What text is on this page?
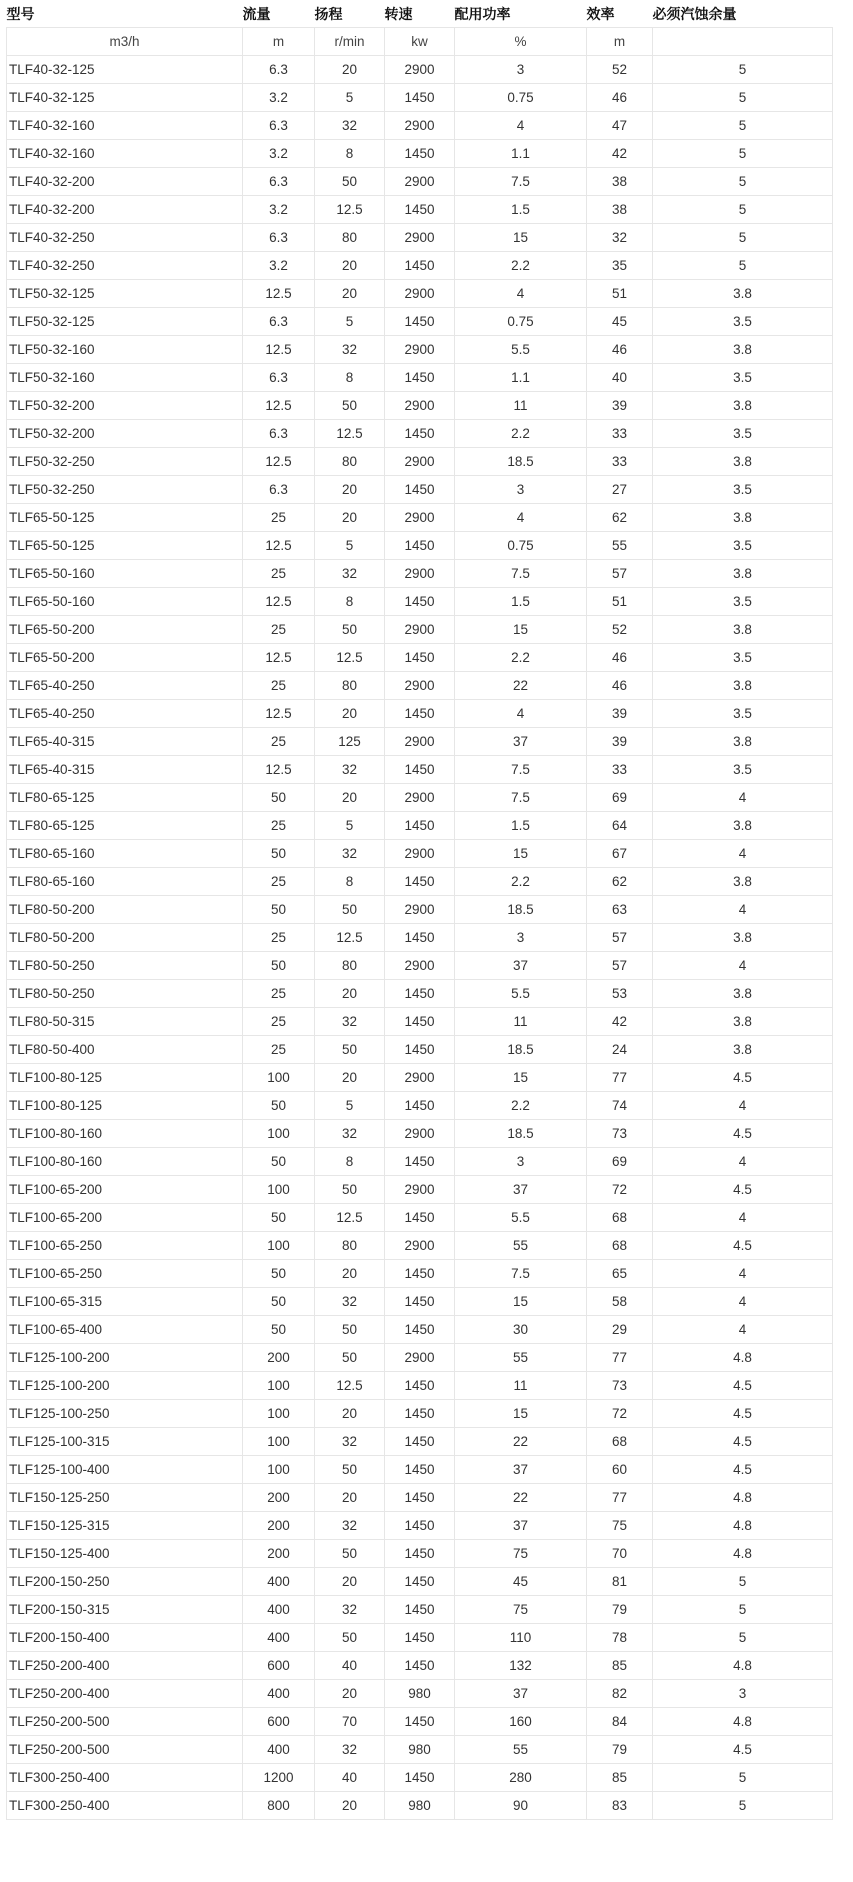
型号	流量	扬程	转速	配用功率	效率	必须汽蚀余量
m3/h	m	r/min	kw	%	m	
TLF40-32-125	6.3	20	2900	3	52	5
TLF40-32-125	3.2	5	1450	0.75	46	5
TLF40-32-160	6.3	32	2900	4	47	5
TLF40-32-160	3.2	8	1450	1.1	42	5
TLF40-32-200	6.3	50	2900	7.5	38	5
TLF40-32-200	3.2	12.5	1450	1.5	38	5
TLF40-32-250	6.3	80	2900	15	32	5
TLF40-32-250	3.2	20	1450	2.2	35	5
TLF50-32-125	12.5	20	2900	4	51	3.8
TLF50-32-125	6.3	5	1450	0.75	45	3.5
TLF50-32-160	12.5	32	2900	5.5	46	3.8
TLF50-32-160	6.3	8	1450	1.1	40	3.5
TLF50-32-200	12.5	50	2900	11	39	3.8
TLF50-32-200	6.3	12.5	1450	2.2	33	3.5
TLF50-32-250	12.5	80	2900	18.5	33	3.8
TLF50-32-250	6.3	20	1450	3	27	3.5
TLF65-50-125	25	20	2900	4	62	3.8
TLF65-50-125	12.5	5	1450	0.75	55	3.5
TLF65-50-160	25	32	2900	7.5	57	3.8
TLF65-50-160	12.5	8	1450	1.5	51	3.5
TLF65-50-200	25	50	2900	15	52	3.8
TLF65-50-200	12.5	12.5	1450	2.2	46	3.5
TLF65-40-250	25	80	2900	22	46	3.8
TLF65-40-250	12.5	20	1450	4	39	3.5
TLF65-40-315	25	125	2900	37	39	3.8
TLF65-40-315	12.5	32	1450	7.5	33	3.5
TLF80-65-125	50	20	2900	7.5	69	4
TLF80-65-125	25	5	1450	1.5	64	3.8
TLF80-65-160	50	32	2900	15	67	4
TLF80-65-160	25	8	1450	2.2	62	3.8
TLF80-50-200	50	50	2900	18.5	63	4
TLF80-50-200	25	12.5	1450	3	57	3.8
TLF80-50-250	50	80	2900	37	57	4
TLF80-50-250	25	20	1450	5.5	53	3.8
TLF80-50-315	25	32	1450	11	42	3.8
TLF80-50-400	25	50	1450	18.5	24	3.8
TLF100-80-125	100	20	2900	15	77	4.5
TLF100-80-125	50	5	1450	2.2	74	4
TLF100-80-160	100	32	2900	18.5	73	4.5
TLF100-80-160	50	8	1450	3	69	4
TLF100-65-200	100	50	2900	37	72	4.5
TLF100-65-200	50	12.5	1450	5.5	68	4
TLF100-65-250	100	80	2900	55	68	4.5
TLF100-65-250	50	20	1450	7.5	65	4
TLF100-65-315	50	32	1450	15	58	4
TLF100-65-400	50	50	1450	30	29	4
TLF125-100-200	200	50	2900	55	77	4.8
TLF125-100-200	100	12.5	1450	11	73	4.5
TLF125-100-250	100	20	1450	15	72	4.5
TLF125-100-315	100	32	1450	22	68	4.5
TLF125-100-400	100	50	1450	37	60	4.5
TLF150-125-250	200	20	1450	22	77	4.8
TLF150-125-315	200	32	1450	37	75	4.8
TLF150-125-400	200	50	1450	75	70	4.8
TLF200-150-250	400	20	1450	45	81	5
TLF200-150-315	400	32	1450	75	79	5
TLF200-150-400	400	50	1450	110	78	5
TLF250-200-400	600	40	1450	132	85	4.8
TLF250-200-400	400	20	980	37	82	3
TLF250-200-500	600	70	1450	160	84	4.8
TLF250-200-500	400	32	980	55	79	4.5
TLF300-250-400	1200	40	1450	280	85	5
TLF300-250-400	800	20	980	90	83	5
